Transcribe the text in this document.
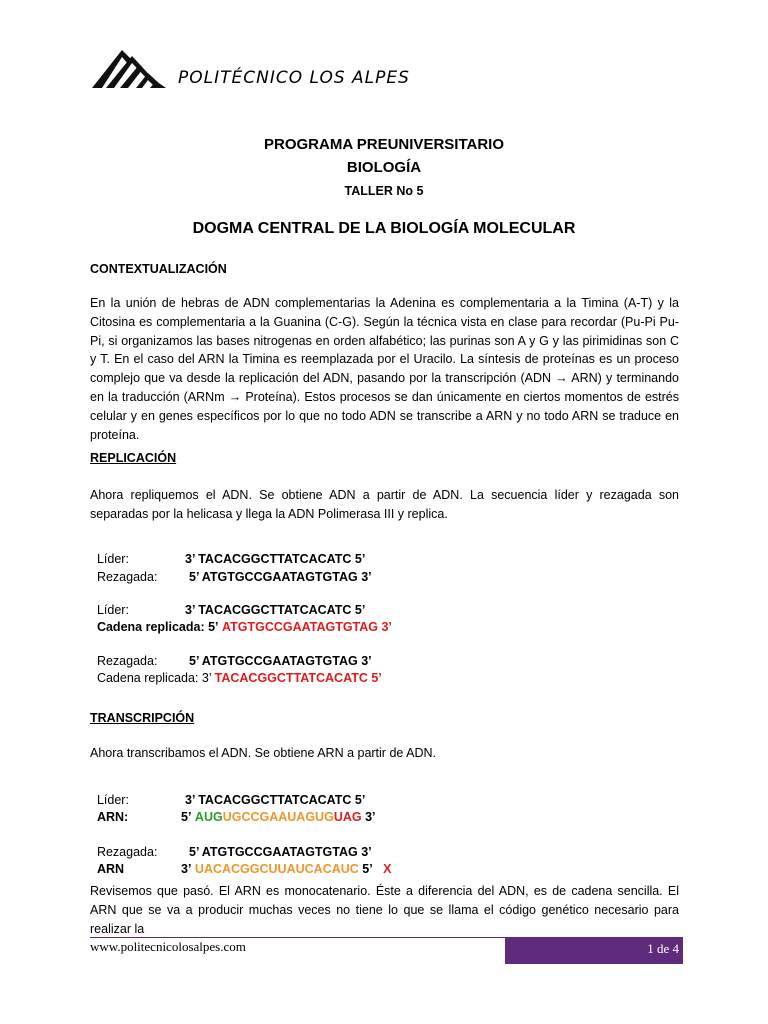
POLITÉCNICO LOS ALPES
PROGRAMA PREUNIVERSITARIO
BIOLOGÍA
TALLER No 5
DOGMA CENTRAL DE LA BIOLOGÍA MOLECULAR
CONTEXTUALIZACIÓN

En la unión de hebras de ADN complementarias la Adenina es complementaria a la Timina (A-T) y la Citosina es complementaria a la Guanina (C-G). Según la técnica vista en clase para recordar (Pu-Pi Pu-Pi, si organizamos las bases nitrogenas en orden alfabético; las purinas son A y G y las pirimidinas son C y T. En el caso del ARN la Timina es reemplazada por el Uracilo. La síntesis de proteínas es un proceso complejo que va desde la replicación del ADN, pasando por la transcripción (ADN → ARN) y terminando en la traducción (ARNm → Proteína). Estos procesos se dan únicamente en ciertos momentos de estrés celular y en genes específicos por lo que no todo ADN se transcribe a ARN y no todo ARN se traduce en proteína.

REPLICACIÓN

Ahora repliquemos el ADN. Se obtiene ADN a partir de ADN. La secuencia líder y rezagada son separadas por la helicasa y llega la ADN Polimerasa III y replica.

Líder:	3’ TACACGGCTTATCACATC 5’

Rezagada:	5’ ATGTGCCGAATAGTGTAG 3’

Líder:	3’ TACACGGCTTATCACATC 5’

Cadena replicada: 5’ ATGTGCCGAATAGTGTAG 3’

Rezagada:	5’ ATGTGCCGAATAGTGTAG 3’

Cadena replicada: 3’ TACACGGCTTATCACATC 5’

TRANSCRIPCIÓN

Ahora transcribamos el ADN. Se obtiene ARN a partir de ADN.

Líder:	3’ TACACGGCTTATCACATC 5’

ARN:	5’ AUGUGCCGAAUAGUGUAG 3’

Rezagada:	5’ ATGTGCCGAATAGTGTAG 3’

ARN	3’ UACACGGCUUAUCACAUC 5’ X

Revisemos que pasó. El ARN es monocatenario. Éste a diferencia del ADN, es de cadena sencilla. El ARN que se va a producir muchas veces no tiene lo que se llama el código genético necesario para realizar la

www.politecnicolosalpes.com	1 de 4
